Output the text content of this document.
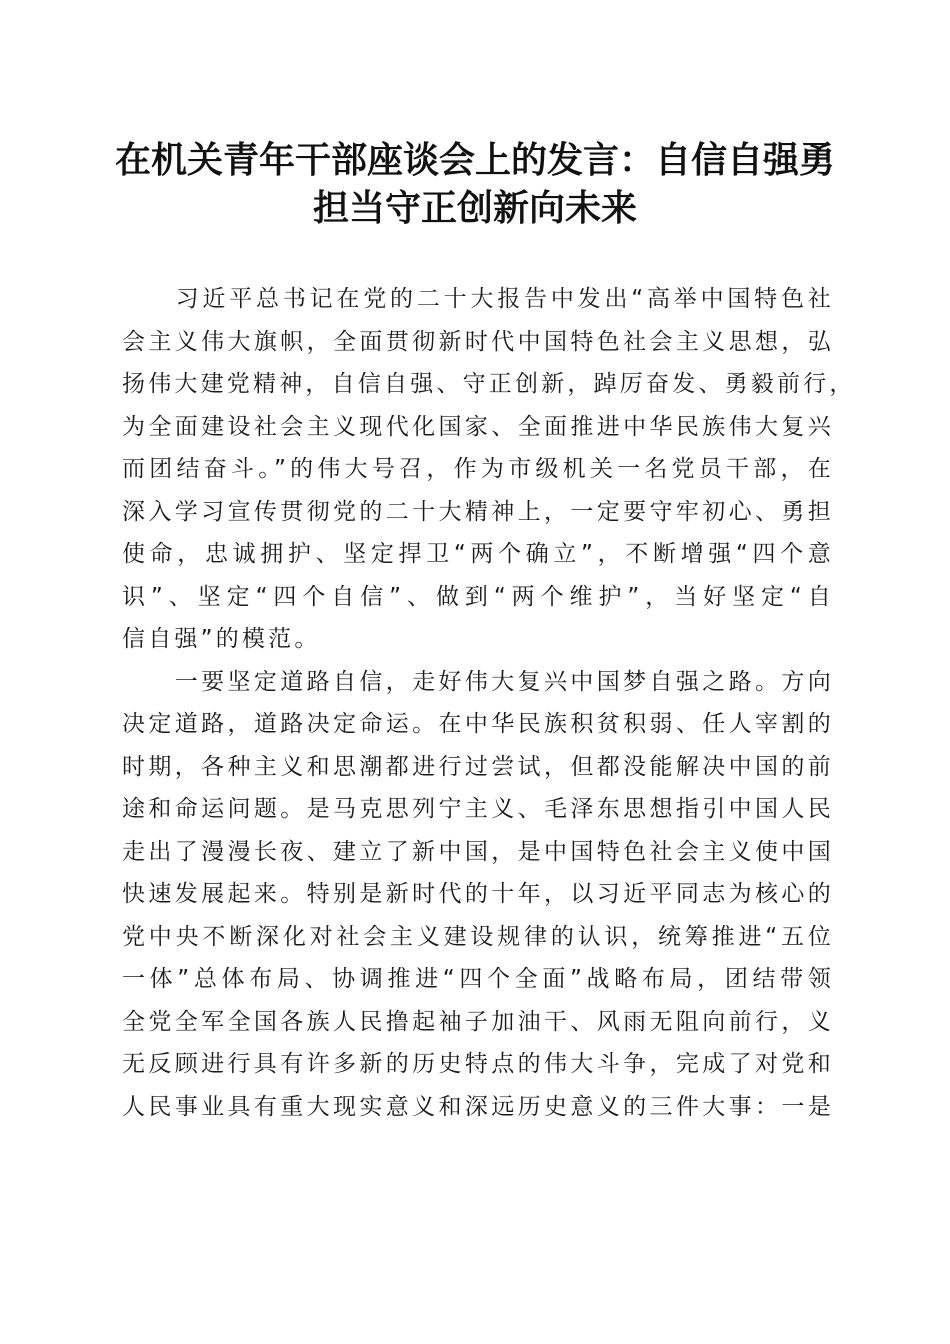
在机关青年干部座谈会上的发言：自信自强勇
担当守正创新向未来
　　习近平总书记在党的二十大报告中发出“高举中国特色社
会主义伟大旗帜，全面贯彻新时代中国特色社会主义思想，弘
扬伟大建党精神，自信自强、守正创新，踔厉奋发、勇毅前行，
为全面建设社会主义现代化国家、全面推进中华民族伟大复兴
而团结奋斗。”的伟大号召，作为市级机关一名党员干部，在
深入学习宣传贯彻党的二十大精神上，一定要守牢初心、勇担
使命，忠诚拥护、坚定捍卫“两个确立”，不断增强“四个意
识”、坚定“四个自信”、做到“两个维护”，当好坚定“自
信自强”的模范。
　　一要坚定道路自信，走好伟大复兴中国梦自强之路。方向
决定道路，道路决定命运。在中华民族积贫积弱、任人宰割的
时期，各种主义和思潮都进行过尝试，但都没能解决中国的前
途和命运问题。是马克思列宁主义、毛泽东思想指引中国人民
走出了漫漫长夜、建立了新中国，是中国特色社会主义使中国
快速发展起来。特别是新时代的十年，以习近平同志为核心的
党中央不断深化对社会主义建设规律的认识，统筹推进“五位
一体”总体布局、协调推进“四个全面”战略布局，团结带领
全党全军全国各族人民撸起袖子加油干、风雨无阻向前行，义
无反顾进行具有许多新的历史特点的伟大斗争，完成了对党和
人民事业具有重大现实意义和深远历史意义的三件大事：一是
